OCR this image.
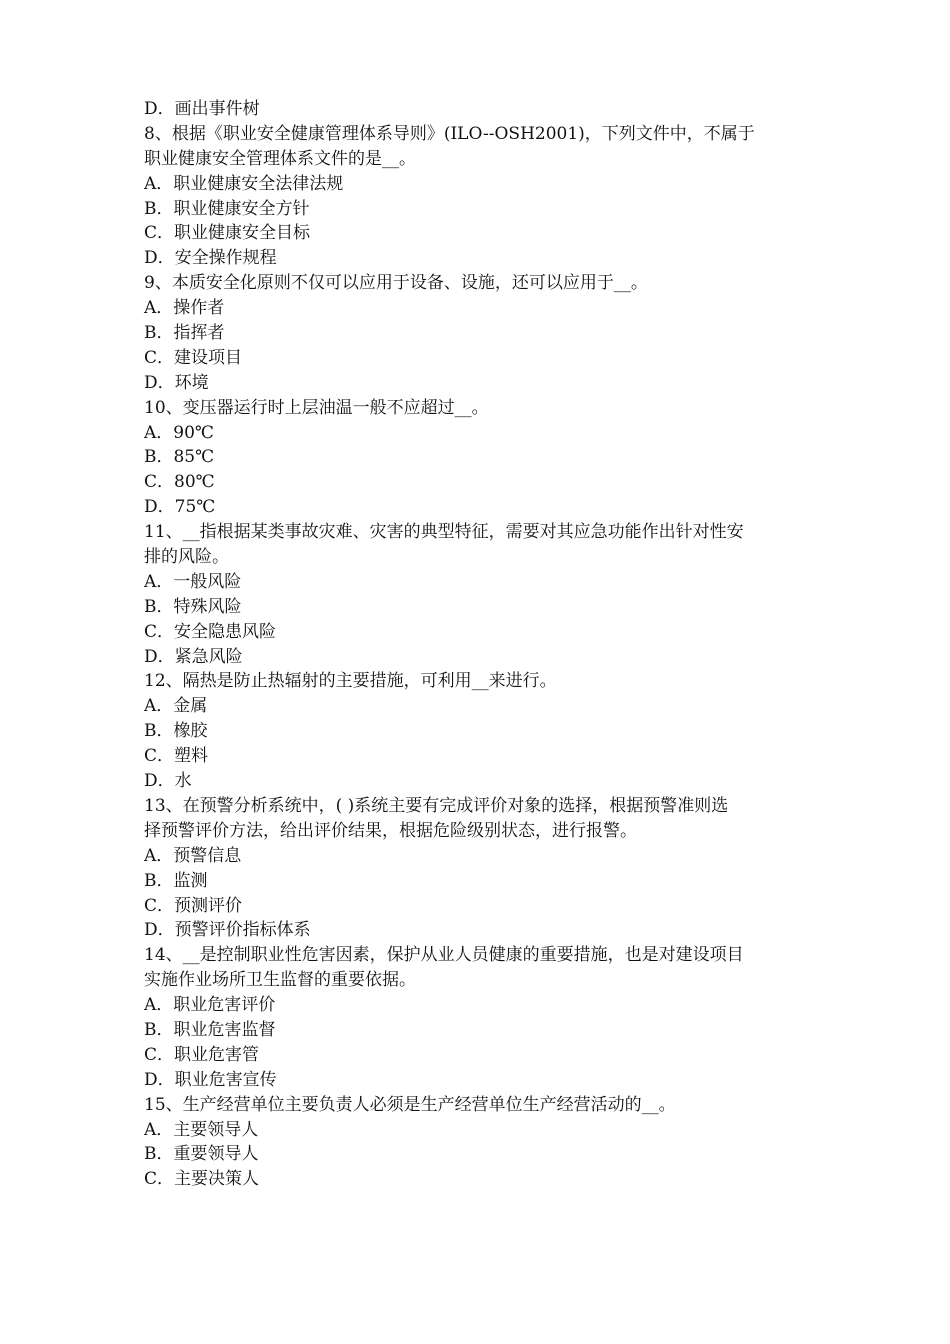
D．画出事件树
8、根据《职业安全健康管理体系导则》(ILO--OSH2001)，下列文件中，不属于
职业健康安全管理体系文件的是__。
A．职业健康安全法律法规
B．职业健康安全方针
C．职业健康安全目标
D．安全操作规程
9、本质安全化原则不仅可以应用于设备、设施，还可以应用于__。
A．操作者
B．指挥者
C．建设项目
D．环境
10、变压器运行时上层油温一般不应超过__。
A．90℃
B．85℃
C．80℃
D．75℃
11、__指根据某类事故灾难、灾害的典型特征，需要对其应急功能作出针对性安
排的风险。
A．一般风险
B．特殊风险
C．安全隐患风险
D．紧急风险
12、隔热是防止热辐射的主要措施，可利用__来进行。
A．金属
B．橡胶
C．塑料
D．水
13、在预警分析系统中，( )系统主要有完成评价对象的选择，根据预警准则选
择预警评价方法，给出评价结果，根据危险级别状态，进行报警。
A．预警信息
B．监测
C．预测评价
D．预警评价指标体系
14、__是控制职业性危害因素，保护从业人员健康的重要措施，也是对建设项目
实施作业场所卫生监督的重要依据。
A．职业危害评价
B．职业危害监督
C．职业危害管
D．职业危害宣传
15、生产经营单位主要负责人必须是生产经营单位生产经营活动的__。
A．主要领导人
B．重要领导人
C．主要决策人
